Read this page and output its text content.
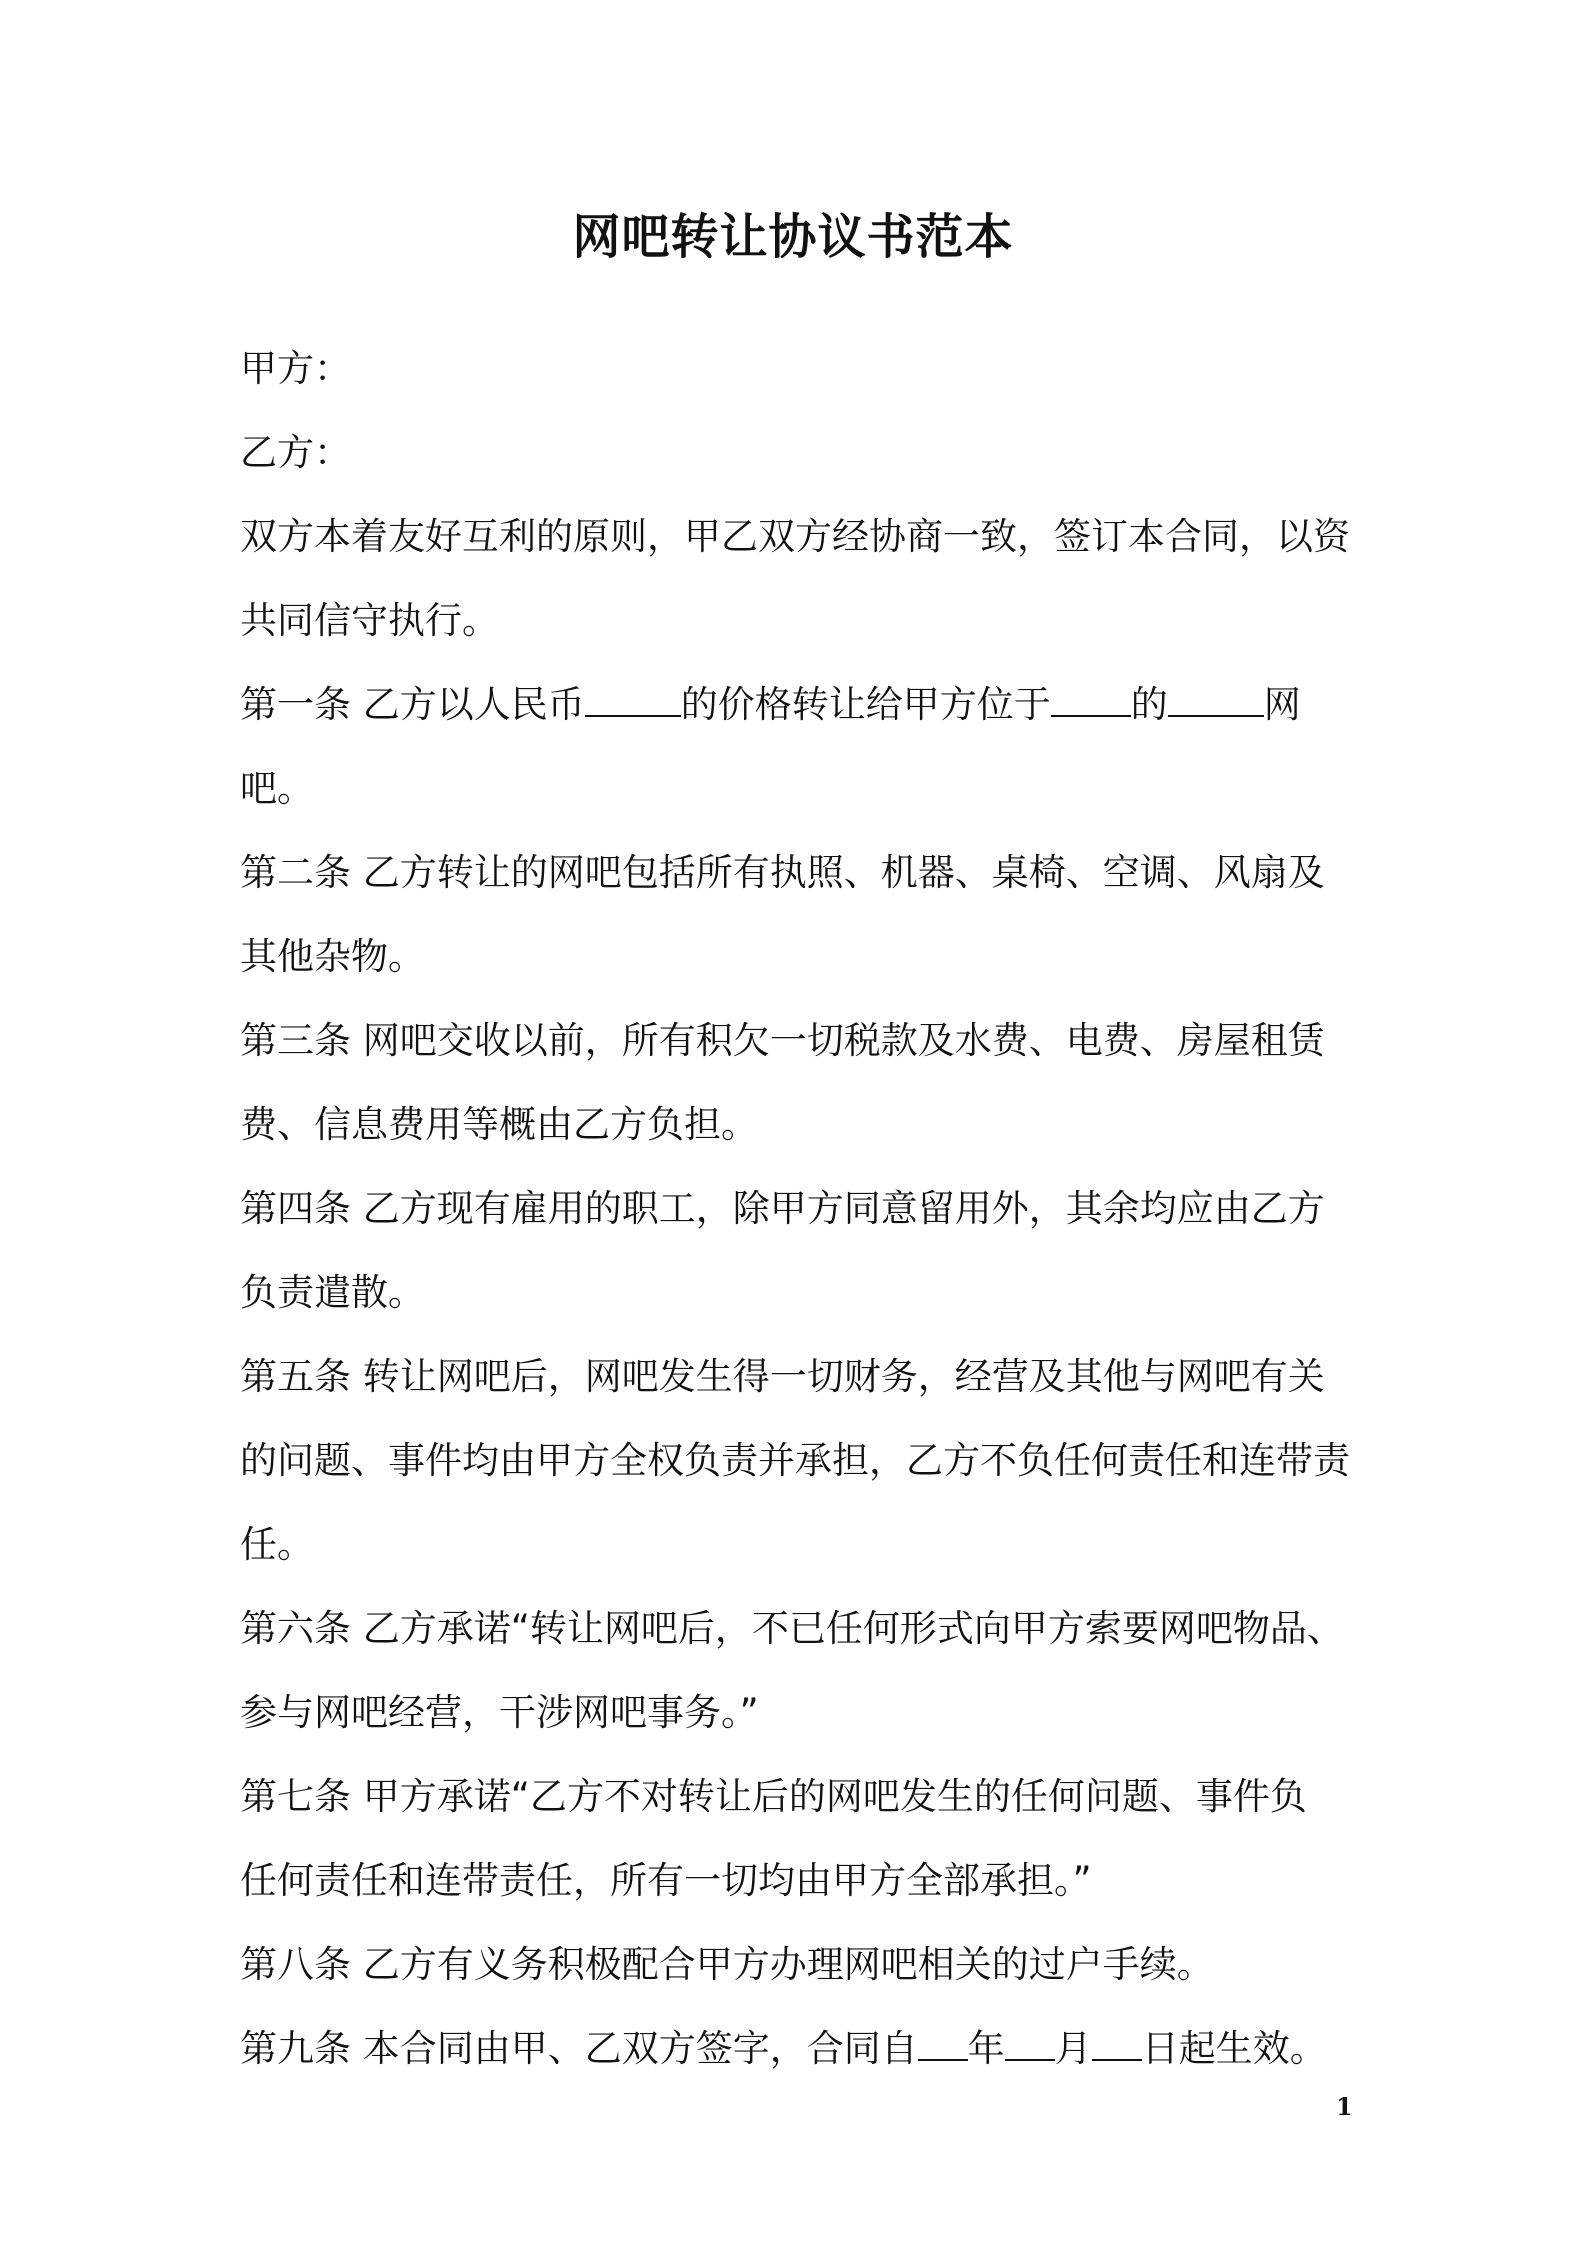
网吧转让协议书范本
甲方：
乙方：
双方本着友好互利的原则，甲乙双方经协商一致，签订本合同，以资
共同信守执行。
第一条 乙方以人民币	的价格转让给甲方位于 的	网
吧。
第二条 乙方转让的网吧包括所有执照、机器、桌椅、空调、风扇及
其他杂物。
第三条 网吧交收以前，所有积欠一切税款及水费、电费、房屋租赁
费、信息费用等概由乙方负担。
第四条 乙方现有雇用的职工，除甲方同意留用外，其余均应由乙方
负责遣散。
第五条 转让网吧后，网吧发生得一切财务，经营及其他与网吧有关
的问题、事件均由甲方全权负责并承担，乙方不负任何责任和连带责
任。
第六条 乙方承诺“转让网吧后，不已任何形式向甲方索要网吧物品、
参与网吧经营，干涉网吧事务。”
第七条 甲方承诺“乙方不对转让后的网吧发生的任何问题、事件负
任何责任和连带责任，所有一切均由甲方全部承担。”
第八条 乙方有义务积极配合甲方办理网吧相关的过户手续。
第九条 本合同由甲、乙双方签字，合同自 年 月 日起生效。
1
